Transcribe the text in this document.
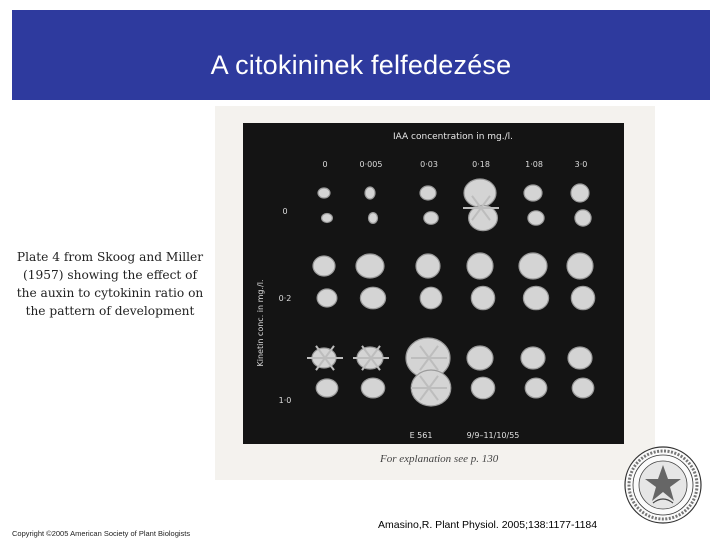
A citokininek felfedezése
IAA concentration in mg./l.
0	0·005	0·03	0·18	1·08	3·0
Kinetin conc. in mg./l.
0
0·2
1·0
E 561	9/9–11/10/55
For explanation see p. 130
Plate 4 from Skoog and Miller (1957) showing the effect of the auxin to cytokinin ratio on the pattern of development
Amasino,R. Plant Physiol. 2005;138:1177-1184
Copyright ©2005 American Society of Plant Biologists
